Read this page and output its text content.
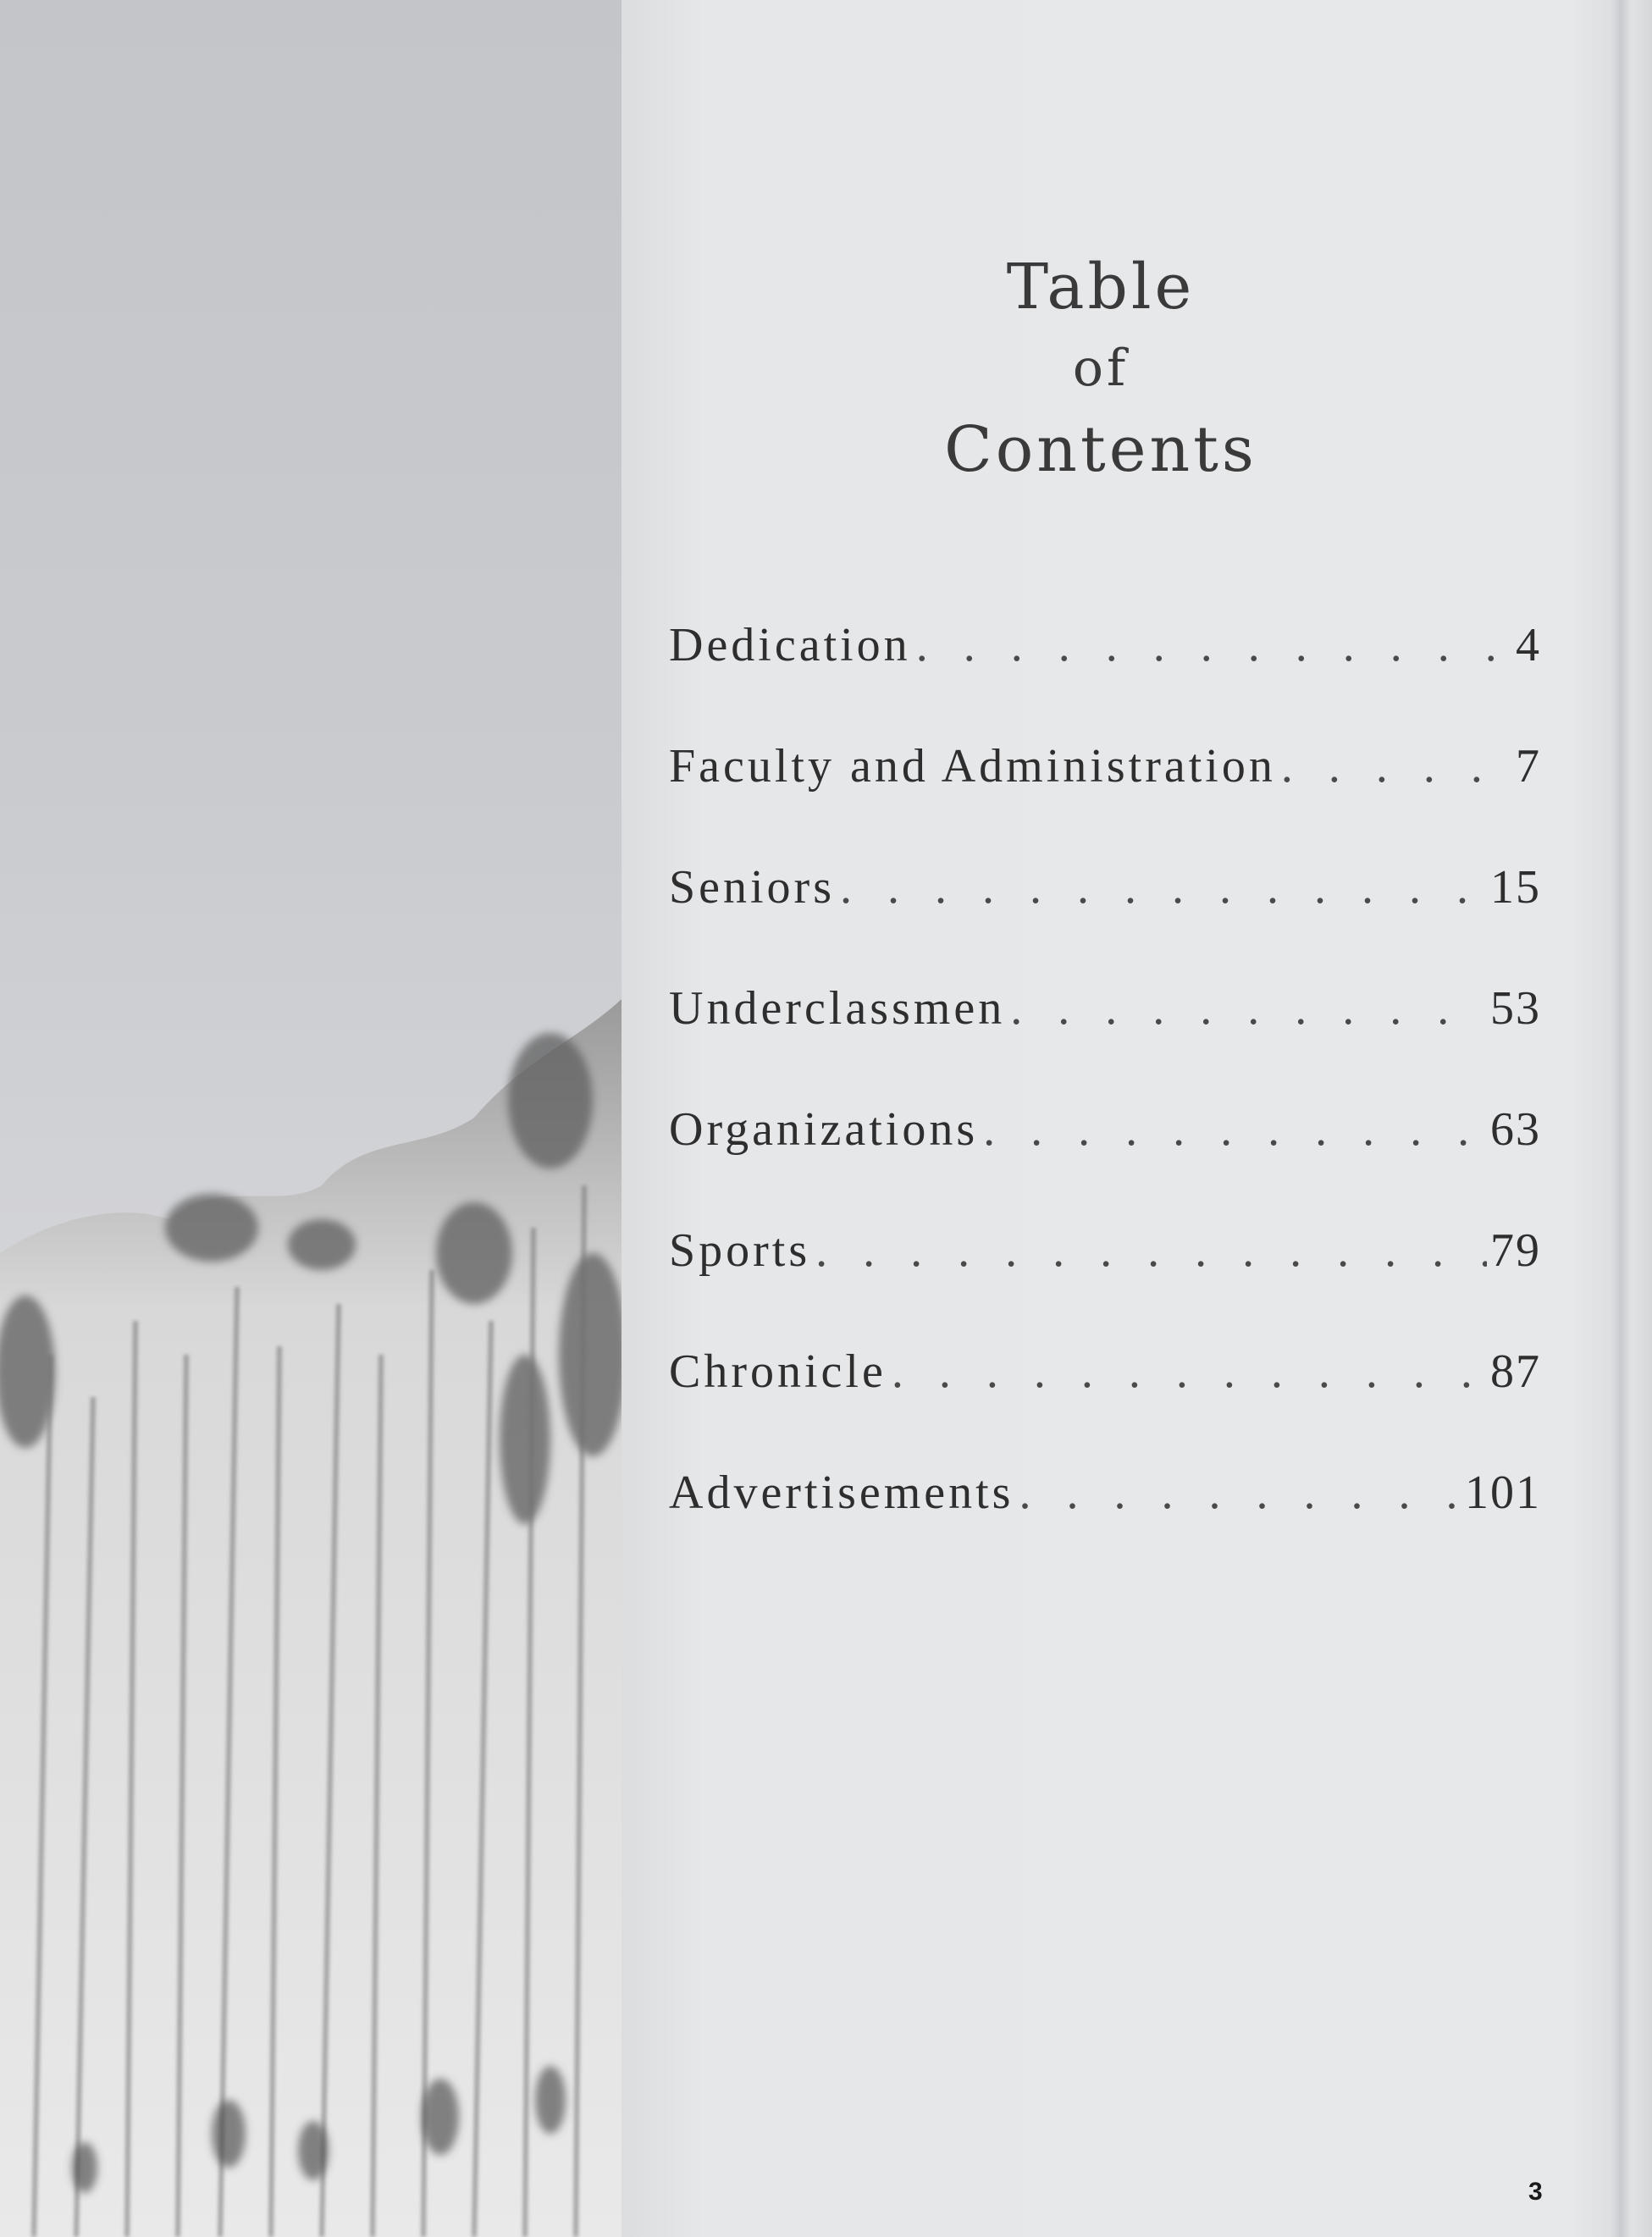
Table
of
Contents
Dedication . . .	4
Faculty and Administration . . .	7
Seniors . . .	15
Underclassmen . . .	53
Organizations . . .	63
Sports . . .	79
Chronicle . . .	87
Advertisements . . .	101
3
